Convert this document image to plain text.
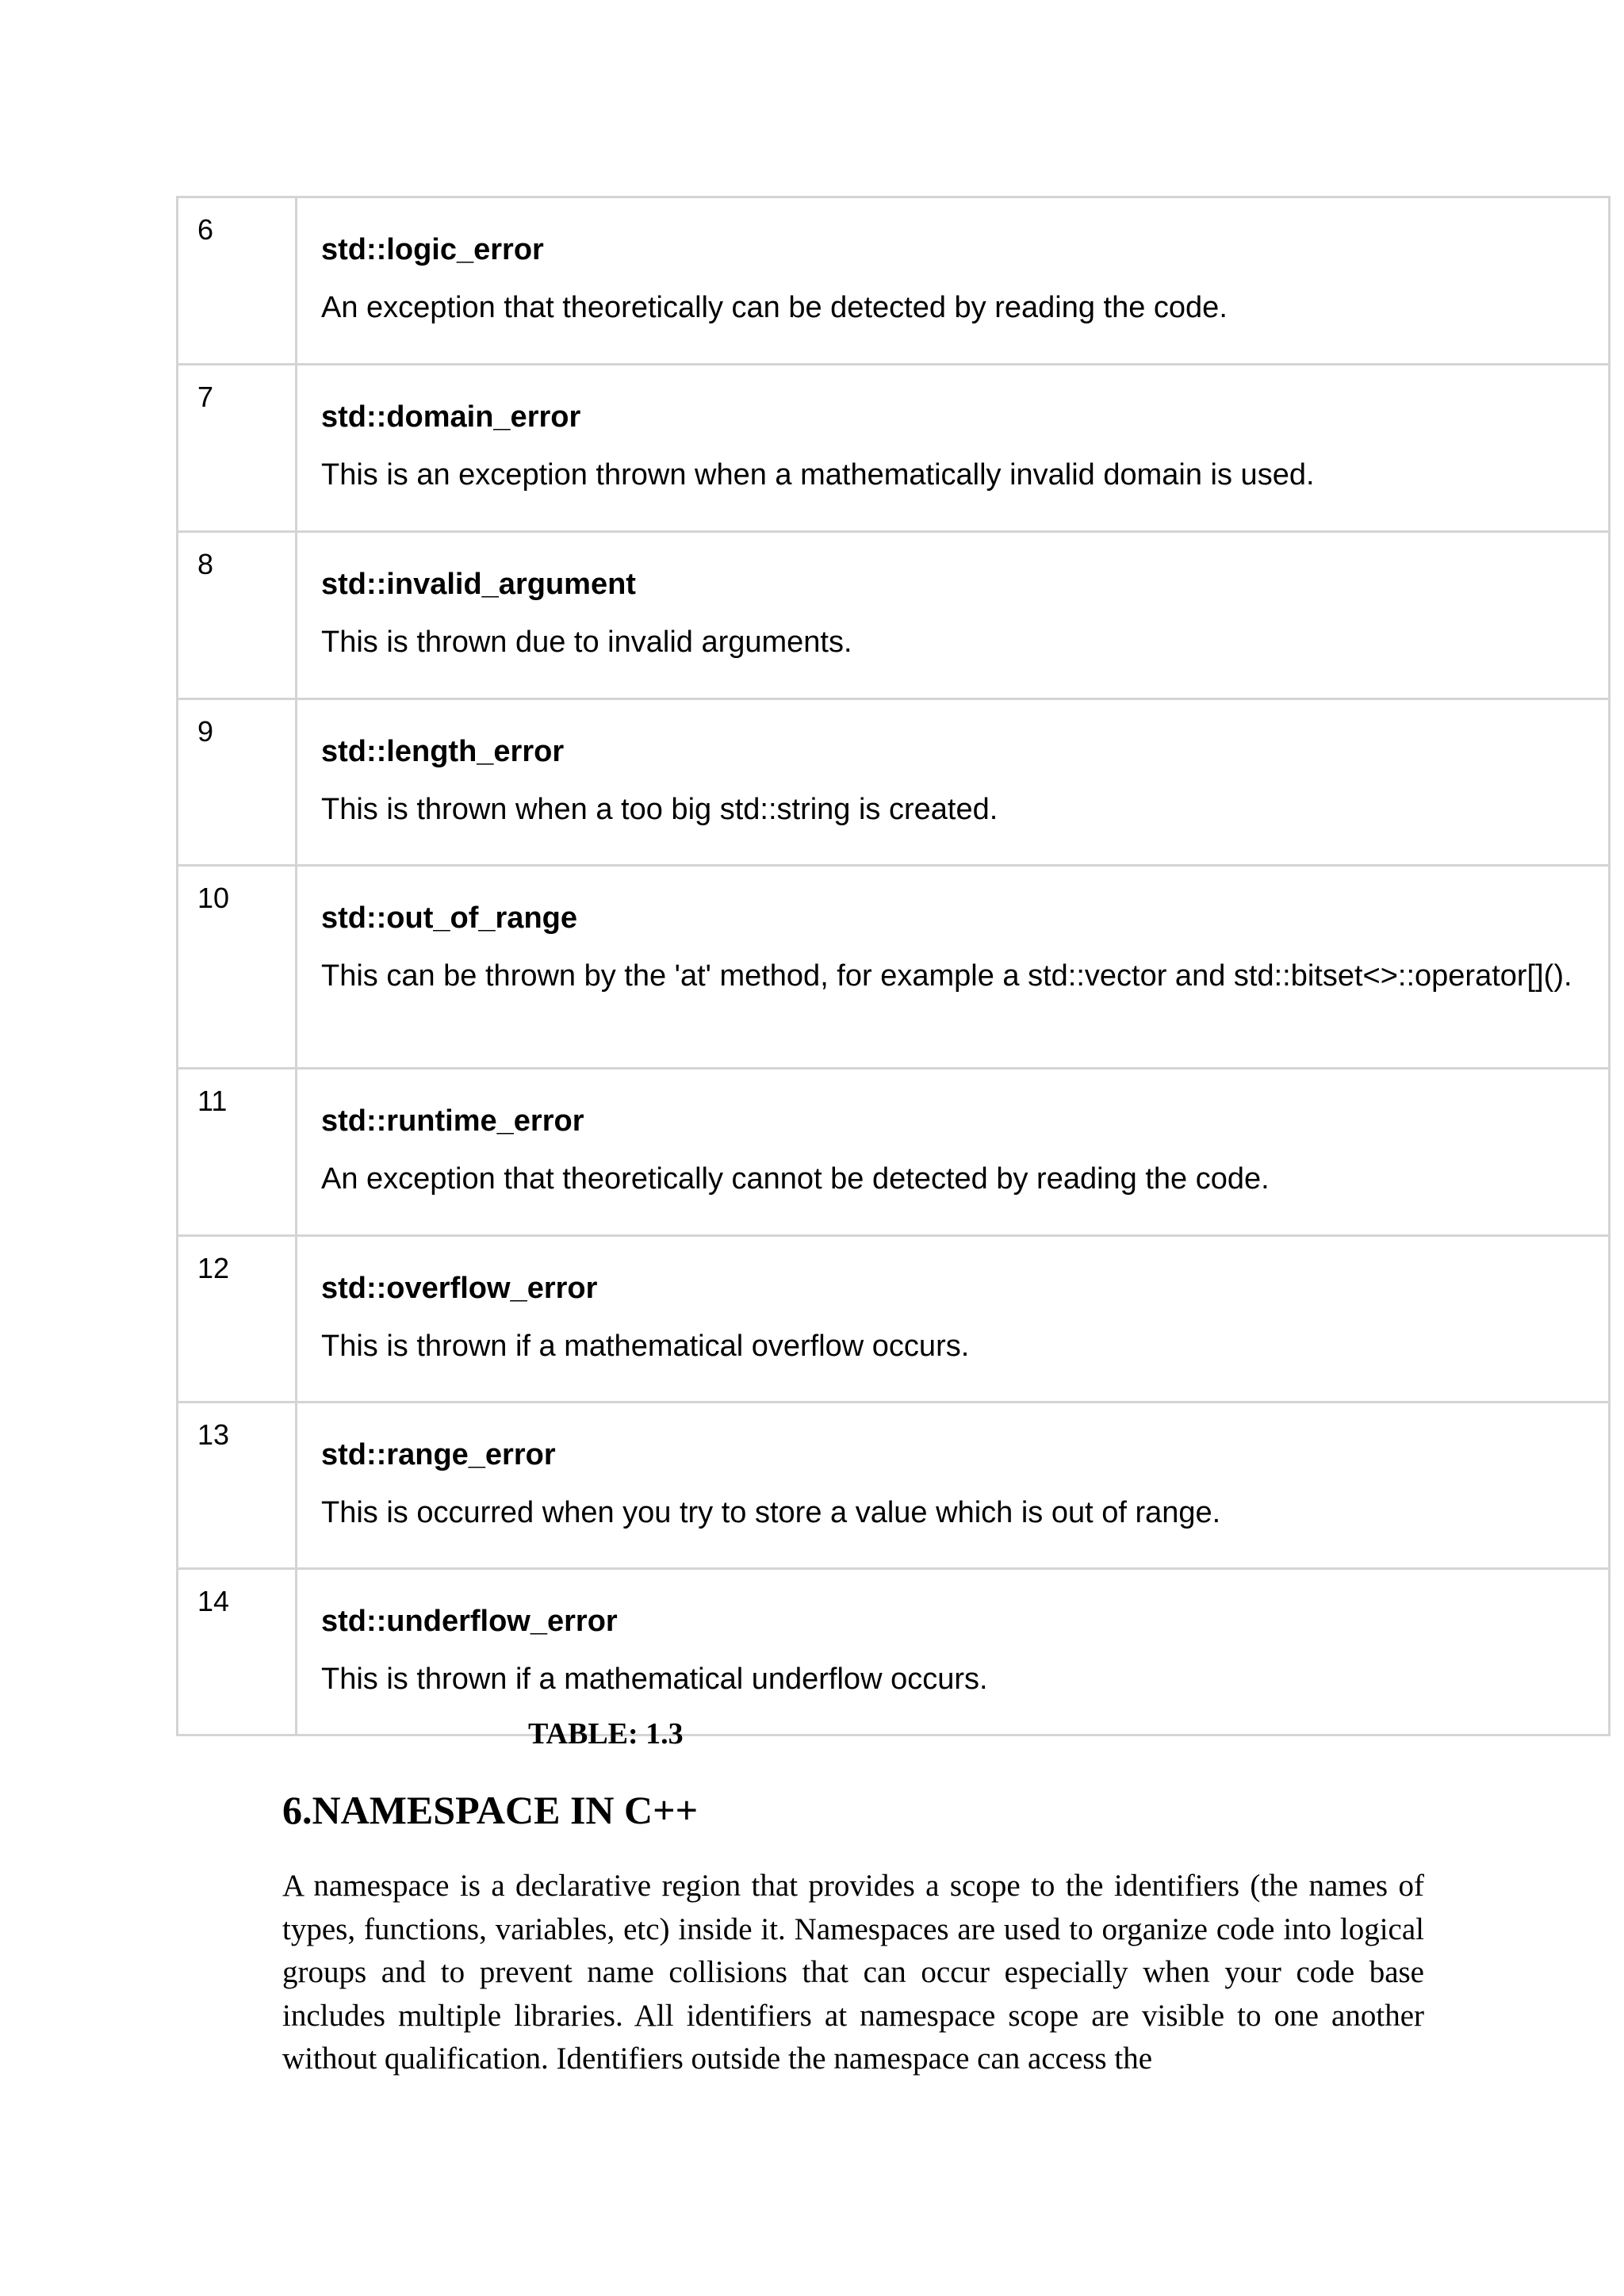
6	std::logic_error

An exception that theoretically can be detected by reading the code.

7	std::domain_error

This is an exception thrown when a mathematically invalid domain is used.

8	std::invalid_argument

This is thrown due to invalid arguments.

9	std::length_error

This is thrown when a too big std::string is created.

10	std::out_of_range

This can be thrown by the 'at' method, for example a std::vector and std::bitset<>::operator[]().

11	std::runtime_error

An exception that theoretically cannot be detected by reading the code.

12	std::overflow_error

This is thrown if a mathematical overflow occurs.

13	std::range_error

This is occurred when you try to store a value which is out of range.

14	std::underflow_error

This is thrown if a mathematical underflow occurs.

TABLE: 1.3
6.NAMESPACE IN C++

A namespace is a declarative region that provides a scope to the identifiers (the names of types, functions, variables, etc) inside it. Namespaces are used to organize code into logical groups and to prevent name collisions that can occur especially when your code base includes multiple libraries. All identifiers at namespace scope are visible to one another without qualification. Identifiers outside the namespace can access the
